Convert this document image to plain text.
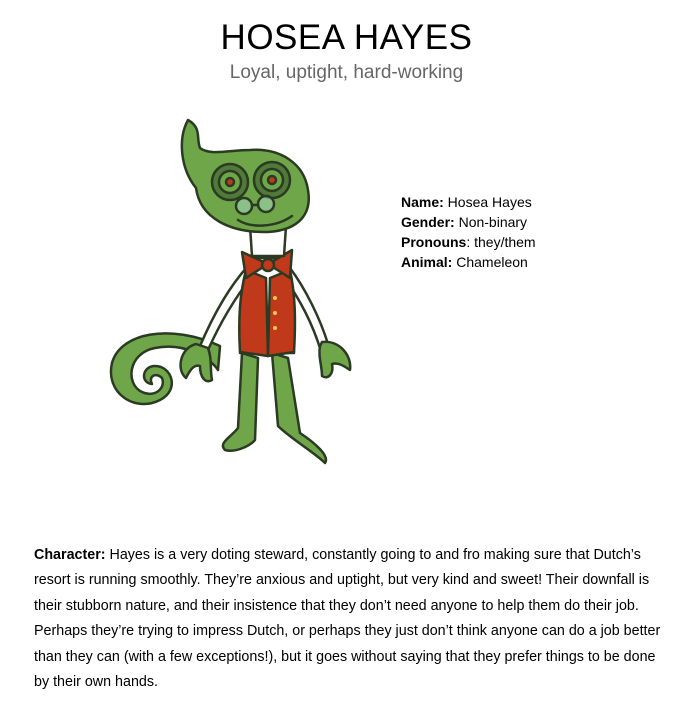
HOSEA HAYES

Loyal, uptight, hard-working

Name: Hosea Hayes
Gender: Non-binary
Pronouns: they/them
Animal: Chameleon

Character: Hayes is a very doting steward, constantly going to and fro making sure that Dutch’s resort is running smoothly. They’re anxious and uptight, but very kind and sweet! Their downfall is their stubborn nature, and their insistence that they don’t need anyone to help them do their job. Perhaps they’re trying to impress Dutch, or perhaps they just don’t think anyone can do a job better than they can (with a few exceptions!), but it goes without saying that they prefer things to be done by their own hands.
